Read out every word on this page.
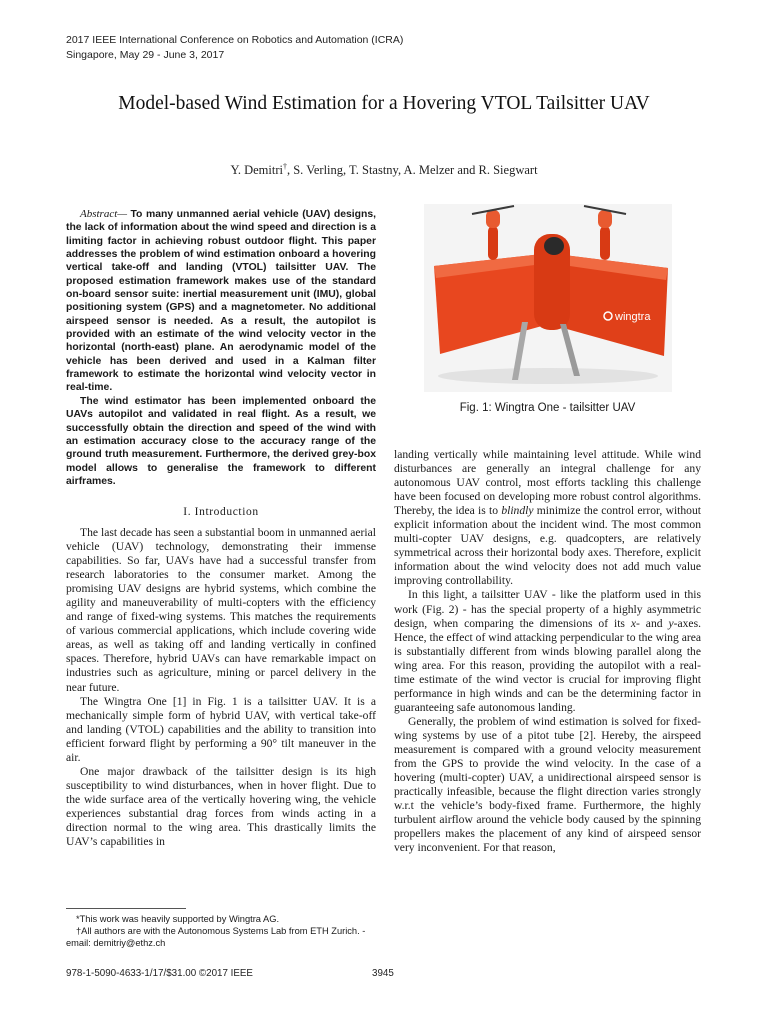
2017 IEEE International Conference on Robotics and Automation (ICRA)
Singapore, May 29 - June 3, 2017
Model-based Wind Estimation for a Hovering VTOL Tailsitter UAV
Y. Demitri†, S. Verling, T. Stastny, A. Melzer and R. Siegwart

Abstract— To many unmanned aerial vehicle (UAV) designs, the lack of information about the wind speed and direction is a limiting factor in achieving robust outdoor flight. This paper addresses the problem of wind estimation onboard a hovering vertical take-off and landing (VTOL) tailsitter UAV. The proposed estimation framework makes use of the standard on-board sensor suite: inertial measurement unit (IMU), global positioning system (GPS) and a magnetometer. No additional airspeed sensor is needed. As a result, the autopilot is provided with an estimate of the wind velocity vector in the horizontal (north-east) plane. An aerodynamic model of the vehicle has been derived and used in a Kalman filter framework to estimate the horizontal wind velocity vector in real-time.

The wind estimator has been implemented onboard the UAVs autopilot and validated in real flight. As a result, we successfully obtain the direction and speed of the wind with an estimation accuracy close to the accuracy range of the ground truth measurement. Furthermore, the derived grey-box model allows to generalise the framework to different airframes.

I. Introduction

The last decade has seen a substantial boom in unmanned aerial vehicle (UAV) technology, demonstrating their immense capabilities. So far, UAVs have had a successful transfer from research laboratories to the consumer market. Among the promising UAV designs are hybrid systems, which combine the agility and maneuverability of multi-copters with the efficiency and range of fixed-wing systems. This matches the requirements of various commercial applications, which include covering wide areas, as well as taking off and landing vertically in confined spaces. Therefore, hybrid UAVs can have remarkable impact on industries such as agriculture, mining or parcel delivery in the near future.

The Wingtra One [1] in Fig. 1 is a tailsitter UAV. It is a mechanically simple form of hybrid UAV, with vertical take-off and landing (VTOL) capabilities and the ability to transition into efficient forward flight by performing a 90° tilt maneuver in the air.

One major drawback of the tailsitter design is its high susceptibility to wind disturbances, when in hover flight. Due to the wide surface area of the vertically hovering wing, the vehicle experiences substantial drag forces from winds acting in a direction normal to the wing area. This drastically limits the UAV’s capabilities in

wingtra
Fig. 1: Wingtra One - tailsitter UAV

landing vertically while maintaining level attitude. While wind disturbances are generally an integral challenge for any autonomous UAV control, most efforts tackling this challenge have been focused on developing more robust control algorithms. Thereby, the idea is to blindly minimize the control error, without explicit information about the incident wind. The most common multi-copter UAV designs, e.g. quadcopters, are relatively symmetrical across their horizontal body axes. Therefore, explicit information about the wind velocity does not add much value improving controllability.

In this light, a tailsitter UAV - like the platform used in this work (Fig. 2) - has the special property of a highly asymmetric design, when comparing the dimensions of its x- and y-axes. Hence, the effect of wind attacking perpendicular to the wing area is substantially different from winds blowing parallel along the wing area. For this reason, providing the autopilot with a real-time estimate of the wind vector is crucial for improving flight performance in high winds and can be the determining factor in guaranteeing safe autonomous landing.

Generally, the problem of wind estimation is solved for fixed-wing systems by use of a pitot tube [2]. Hereby, the airspeed measurement is compared with a ground velocity measurement from the GPS to provide the wind velocity. In the case of a hovering (multi-copter) UAV, a unidirectional airspeed sensor is practically infeasible, because the flight direction varies strongly w.r.t the vehicle’s body-fixed frame. Furthermore, the highly turbulent airflow around the vehicle body caused by the spinning propellers makes the placement of any kind of airspeed sensor very inconvenient. For that reason,

*This work was heavily supported by Wingtra AG.

†All authors are with the Autonomous Systems Lab from ETH Zurich. - email: demitriy@ethz.ch

978-1-5090-4633-1/17/$31.00 ©2017 IEEE	3945
